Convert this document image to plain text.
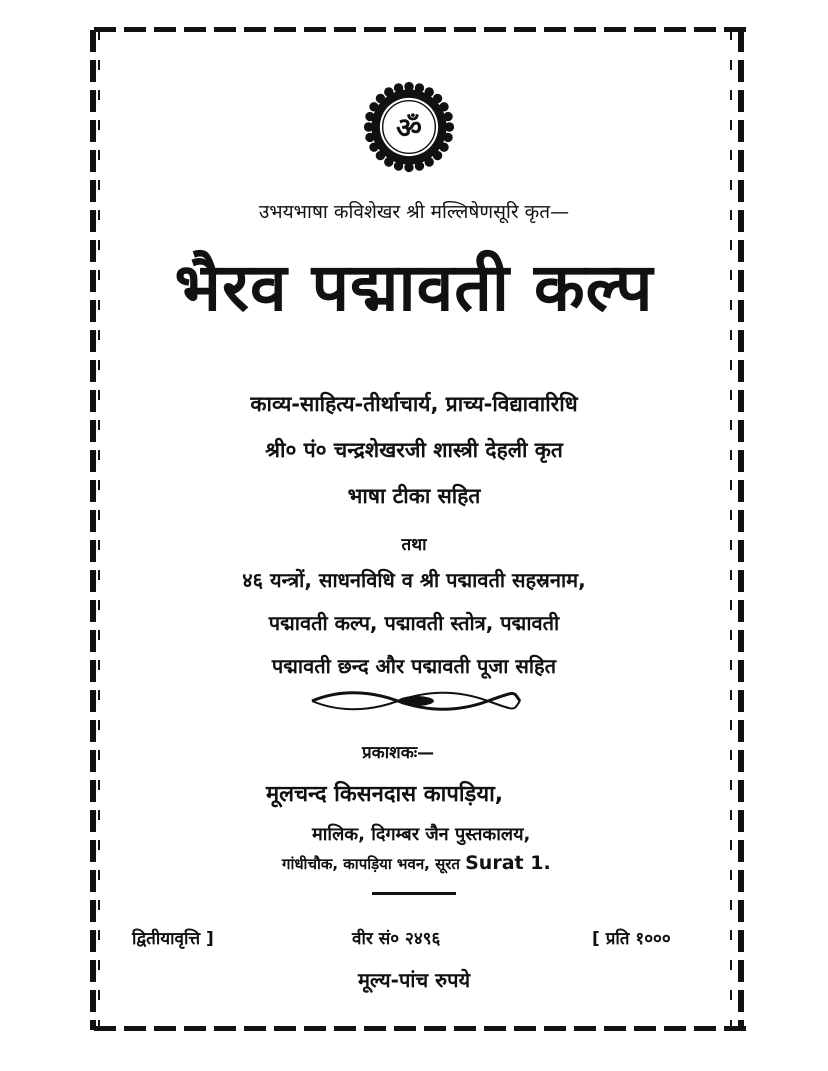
ॐ
उभयभाषा कविशेखर श्री मल्लिषेणसूरि कृत—
भैरव पद्मावती कल्प
काव्य-साहित्य-तीर्थाचार्य, प्राच्य-विद्यावारिधि
श्री० पं० चन्द्रशेखरजी शास्त्री देहली कृत
भाषा टीका सहित
तथा
४६ यन्त्रों, साधनविधि व श्री पद्मावती सहस्रनाम,
पद्मावती कल्प, पद्मावती स्तोत्र, पद्मावती
पद्मावती छन्द और पद्मावती पूजा सहित
प्रकाशकः—
मूलचन्द किसनदास कापड़िया,
मालिक, दिगम्बर जैन पुस्तकालय,
गांधीचौक, कापड़िया भवन, सूरत Surat 1.
द्वितीयावृत्ति ]	वीर सं० २४९६	[ प्रति १०००
मूल्य-पांच रुपये
